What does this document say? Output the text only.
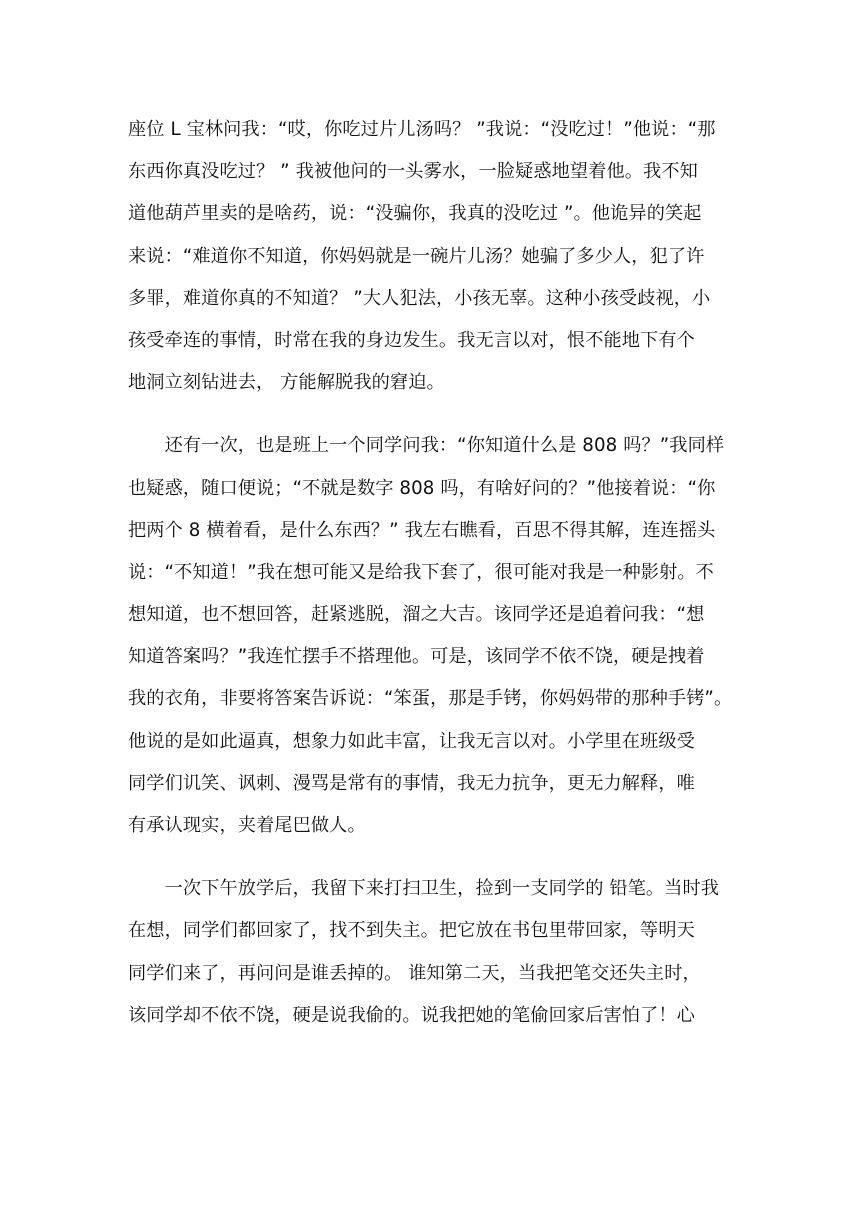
座位 L 宝林问我：“哎，你吃过片儿汤吗？ ”我说：“没吃过！”他说：“那
东西你真没吃过？ ” 我被他问的一头雾水，一脸疑惑地望着他。我不知
道他葫芦里卖的是啥药，说：“没骗你，我真的没吃过 ”。他诡异的笑起
来说：“难道你不知道，你妈妈就是一碗片儿汤？她骗了多少人，犯了许
多罪，难道你真的不知道？ ”大人犯法，小孩无辜。这种小孩受歧视，小
孩受牵连的事情，时常在我的身边发生。我无言以对，恨不能地下有个
地洞立刻钻进去， 方能解脱我的窘迫。
　　还有一次，也是班上一个同学问我：“你知道什么是 808 吗？”我同样
也疑惑，随口便说；“不就是数字 808 吗，有啥好问的？”他接着说：“你
把两个 8 横着看，是什么东西？” 我左右瞧看，百思不得其解，连连摇头
说：“不知道！”我在想可能又是给我下套了，很可能对我是一种影射。不
想知道，也不想回答，赶紧逃脱，溜之大吉。该同学还是追着问我：“想
知道答案吗？”我连忙摆手不搭理他。可是，该同学不依不饶，硬是拽着
我的衣角，非要将答案告诉说：“笨蛋，那是手铐，你妈妈带的那种手铐”。
他说的是如此逼真，想象力如此丰富，让我无言以对。小学里在班级受
同学们讥笑、讽刺、漫骂是常有的事情，我无力抗争，更无力解释，唯
有承认现实，夹着尾巴做人。
　　一次下午放学后，我留下来打扫卫生，捡到一支同学的 铅笔。当时我
在想，同学们都回家了，找不到失主。把它放在书包里带回家，等明天
同学们来了，再问问是谁丢掉的。 谁知第二天，当我把笔交还失主时，
该同学却不依不饶，硬是说我偷的。说我把她的笔偷回家后害怕了！心
